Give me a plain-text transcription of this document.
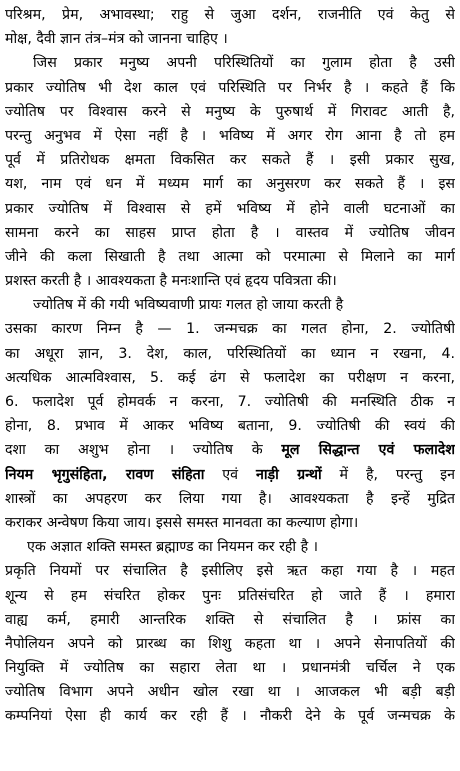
परिश्रम, प्रेम, अभावस्था; राहु से जुआ दर्शन, राजनीति एवं केतु से
मोक्ष, दैवी ज्ञान तंत्र–मंत्र को जानना चाहिए ।
जिस प्रकार मनुष्य अपनी परिस्थितियों का गुलाम होता है उसी
प्रकार ज्योतिष भी देश काल एवं परिस्थिति पर निर्भर है । कहते हैं कि
ज्योतिष पर विश्वास करने से मनुष्य के पुरुषार्थ में गिरावट आती है,
परन्तु अनुभव में ऐसा नहीं है । भविष्य में अगर रोग आना है तो हम
पूर्व में प्रतिरोधक क्षमता विकसित कर सकते हैं । इसी प्रकार सुख,
यश, नाम एवं धन में मध्यम मार्ग का अनुसरण कर सकते हैं । इस
प्रकार ज्योतिष में विश्वास से हमें भविष्य में होने वाली घटनाओं का
सामना करने का साहस प्राप्त होता है । वास्तव में ज्योतिष जीवन
जीने की कला सिखाती है तथा आत्मा को परमात्मा से मिलाने का मार्ग
प्रशस्त करती है । आवश्यकता है मनःशान्ति एवं हृदय पवित्रता की।
ज्योतिष में की गयी भविष्यवाणी प्रायः गलत हो जाया करती है
उसका कारण निम्न है — 1. जन्मचक्र का गलत होना, 2. ज्योतिषी
का अधूरा ज्ञान, 3. देश, काल, परिस्थितियों का ध्यान न रखना, 4.
अत्यधिक आत्मविश्वास, 5. कई ढंग से फलादेश का परीक्षण न करना,
6. फलादेश पूर्व होमवर्क न करना, 7. ज्योतिषी की मनस्थिति ठीक न
होना, 8. प्रभाव में आकर भविष्य बताना, 9. ज्योतिषी की स्वयं की
दशा का अशुभ होना । ज्योतिष के मूल सिद्धान्त एवं फलादेश
नियम भृगुसंहिता, रावण संहिता एवं नाड़ी ग्रन्थों में है, परन्तु इन
शास्त्रों का अपहरण कर लिया गया है। आवश्यकता है इन्हें मुद्रित
कराकर अन्वेषण किया जाय। इससे समस्त मानवता का कल्याण होगा।
एक अज्ञात शक्ति समस्त ब्रह्माण्ड का नियमन कर रही है ।
प्रकृति नियमों पर संचालित है इसीलिए इसे ऋत कहा गया है । महत
शून्य से हम संचरित होकर पुनः प्रतिसंचरित हो जाते हैं । हमारा
वाह्य कर्म, हमारी आन्तरिक शक्ति से संचालित है । फ्रांस का
नैपोलियन अपने को प्रारब्ध का शिशु कहता था । अपने सेनापतियों की
नियुक्ति में ज्योतिष का सहारा लेता था । प्रधानमंत्री चर्चिल ने एक
ज्योतिष विभाग अपने अधीन खोल रखा था । आजकल भी बड़ी बड़ी
कम्पनियां ऐसा ही कार्य कर रही हैं । नौकरी देने के पूर्व जन्मचक्र के
